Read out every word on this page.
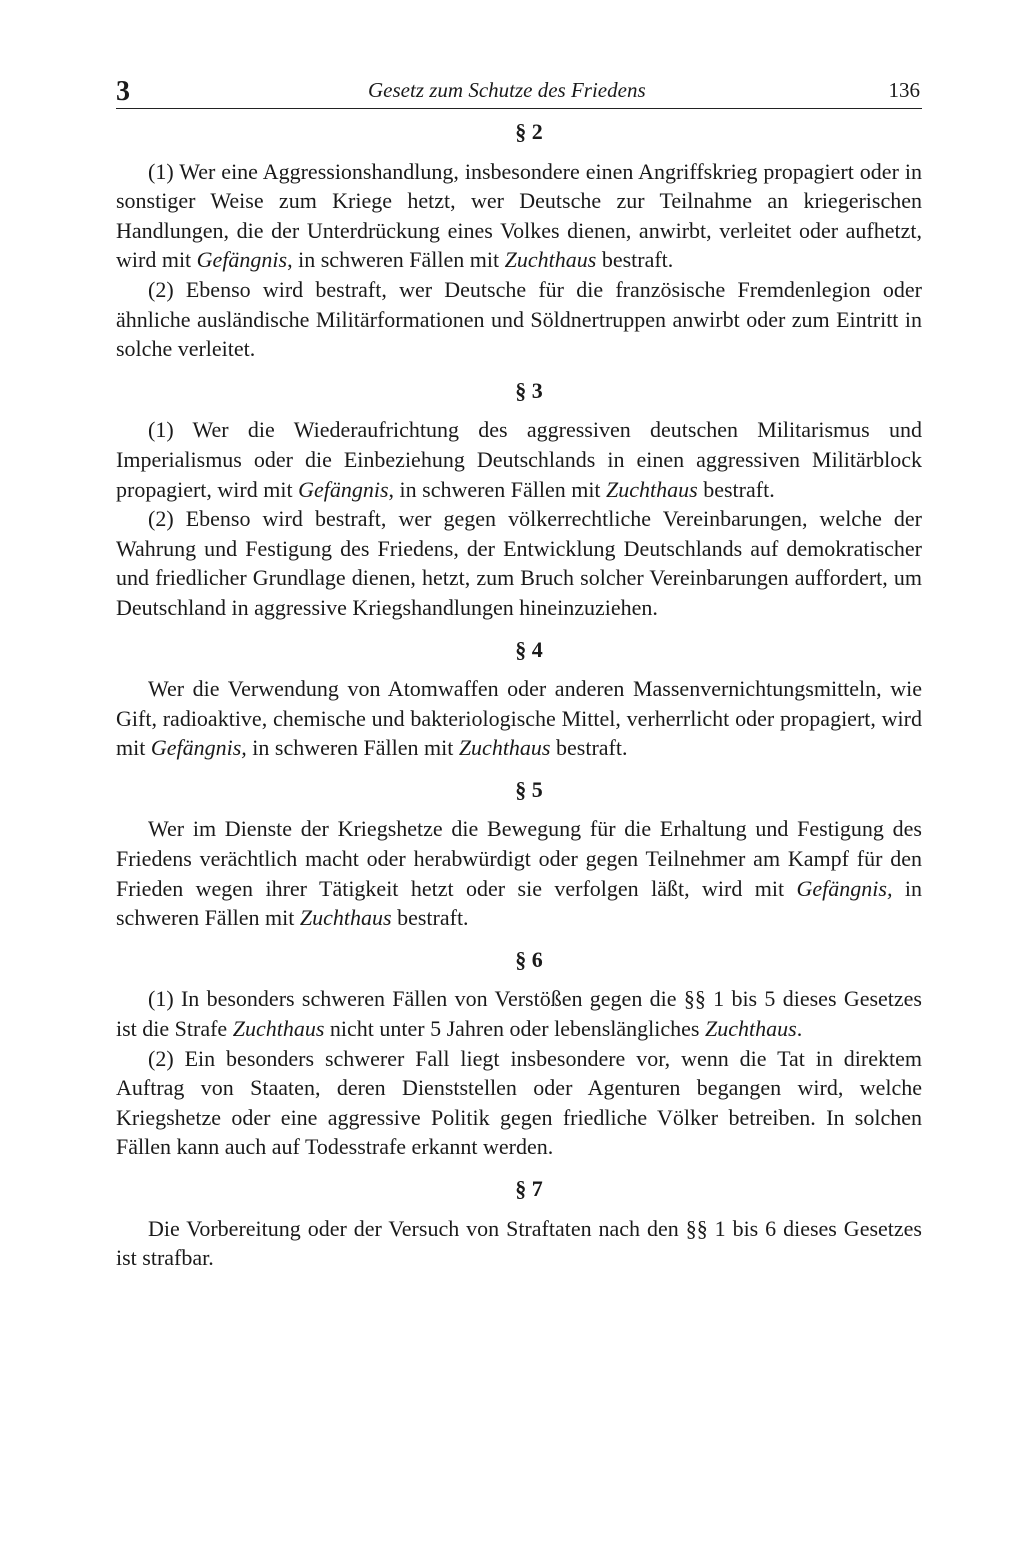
3	Gesetz zum Schutze des Friedens	136
§ 2

(1) Wer eine Aggressionshandlung, insbesondere einen Angriffskrieg propagiert oder in sonstiger Weise zum Kriege hetzt, wer Deutsche zur Teilnahme an kriegerischen Handlungen, die der Unterdrückung eines Volkes dienen, anwirbt, verleitet oder aufhetzt, wird mit Gefängnis, in schweren Fällen mit Zuchthaus bestraft.

(2) Ebenso wird bestraft, wer Deutsche für die französische Fremdenlegion oder ähnliche ausländische Militärformationen und Söldnertruppen anwirbt oder zum Eintritt in solche verleitet.

§ 3

(1) Wer die Wiederaufrichtung des aggressiven deutschen Militarismus und Imperialismus oder die Einbeziehung Deutschlands in einen aggressiven Militärblock propagiert, wird mit Gefängnis, in schweren Fällen mit Zuchthaus bestraft.

(2) Ebenso wird bestraft, wer gegen völkerrechtliche Vereinbarungen, welche der Wahrung und Festigung des Friedens, der Entwicklung Deutschlands auf demokratischer und friedlicher Grundlage dienen, hetzt, zum Bruch solcher Vereinbarungen auffordert, um Deutschland in aggressive Kriegshandlungen hineinzuziehen.

§ 4

Wer die Verwendung von Atomwaffen oder anderen Massenvernichtungsmitteln, wie Gift, radioaktive, chemische und bakteriologische Mittel, verherrlicht oder propagiert, wird mit Gefängnis, in schweren Fällen mit Zuchthaus bestraft.

§ 5

Wer im Dienste der Kriegshetze die Bewegung für die Erhaltung und Festigung des Friedens verächtlich macht oder herabwürdigt oder gegen Teilnehmer am Kampf für den Frieden wegen ihrer Tätigkeit hetzt oder sie verfolgen läßt, wird mit Gefängnis, in schweren Fällen mit Zuchthaus bestraft.

§ 6

(1) In besonders schweren Fällen von Verstößen gegen die §§ 1 bis 5 dieses Gesetzes ist die Strafe Zuchthaus nicht unter 5 Jahren oder lebenslängliches Zuchthaus.

(2) Ein besonders schwerer Fall liegt insbesondere vor, wenn die Tat in direktem Auftrag von Staaten, deren Dienststellen oder Agenturen begangen wird, welche Kriegshetze oder eine aggressive Politik gegen friedliche Völker betreiben. In solchen Fällen kann auch auf Todesstrafe erkannt werden.

§ 7

Die Vorbereitung oder der Versuch von Straftaten nach den §§ 1 bis 6 dieses Gesetzes ist strafbar.
